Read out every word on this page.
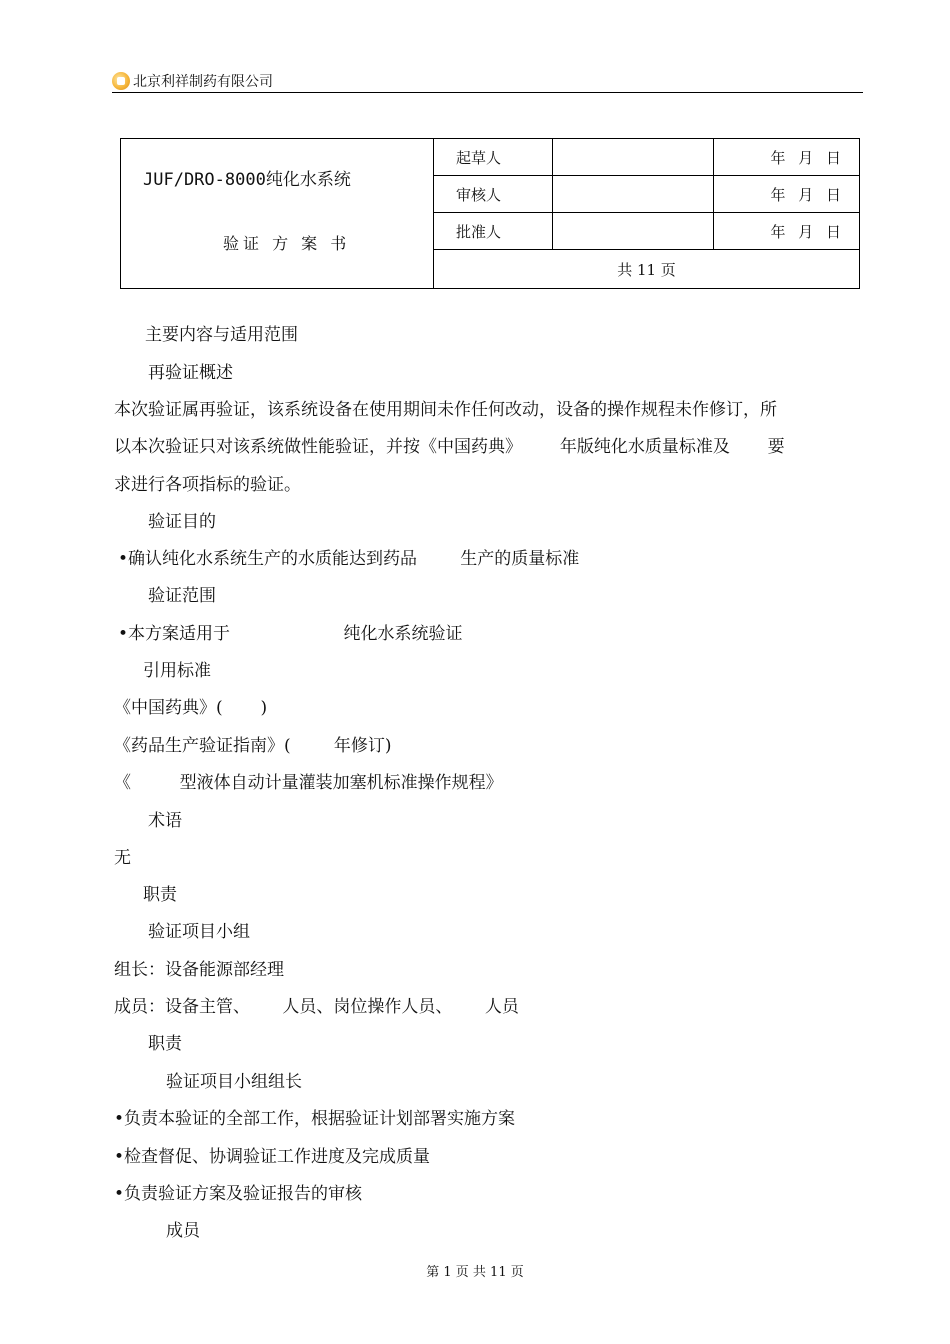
北京利祥制药有限公司
JUF/DRO-8000纯化水系统
验证 方 案 书	起草人		年 月 日
	审核人		年 月 日
	批准人		年 月 日
	共 11 页		
主要内容与适用范围
再验证概述
本次验证属再验证，该系统设备在使用期间未作任何改动，设备的操作规程未作修订，所
以本次验证只对该系统做性能验证，并按《中国药典》       年版纯化水质量标准及       要
求进行各项指标的验证。
验证目的
•确认纯化水系统生产的水质能达到药品        生产的质量标准
验证范围
•本方案适用于                     纯化水系统验证
引用标准
《中国药典》(       )
《药品生产验证指南》(        年修订)
《         型液体自动计量灌装加塞机标准操作规程》
术语
无
职责
验证项目小组
组长：设备能源部经理
成员：设备主管、      人员、岗位操作人员、      人员
职责
验证项目小组组长
•负责本验证的全部工作，根据验证计划部署实施方案
•检查督促、协调验证工作进度及完成质量
•负责验证方案及验证报告的审核
成员
第 1 页 共 11 页
